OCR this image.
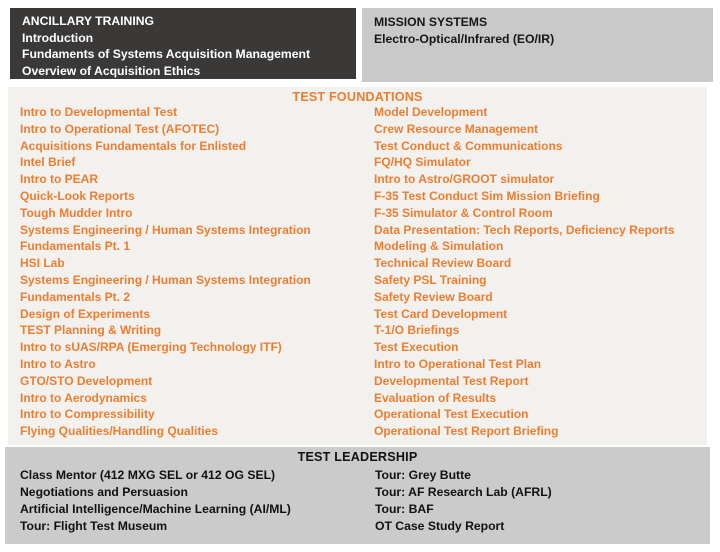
ANCILLARY TRAINING
Introduction
Fundaments of Systems Acquisition Management
Overview of Acquisition Ethics
MISSION SYSTEMS
Electro-Optical/Infrared (EO/IR)
TEST FOUNDATIONS
Intro to Developmental Test
Intro to Operational Test (AFOTEC)
Acquisitions Fundamentals for Enlisted
Intel Brief
Intro to PEAR
Quick-Look Reports
Tough Mudder Intro
Systems Engineering / Human Systems Integration
Fundamentals Pt. 1
HSI Lab
Systems Engineering / Human Systems Integration
Fundamentals Pt. 2
Design of Experiments
TEST Planning & Writing
Intro to sUAS/RPA (Emerging Technology ITF)
Intro to Astro
GTO/STO Development
Intro to Aerodynamics
Intro to Compressibility
Flying Qualities/Handling Qualities
Model Development
Crew Resource Management
Test Conduct & Communications
FQ/HQ Simulator
Intro to Astro/GROOT simulator
F-35 Test Conduct Sim Mission Briefing
F-35 Simulator & Control Room
Data Presentation: Tech Reports, Deficiency Reports
Modeling & Simulation
Technical Review Board
Safety PSL Training
Safety Review Board
Test Card Development
T-1/O Briefings
Test Execution
Intro to Operational Test Plan
Developmental Test Report
Evaluation of Results
Operational Test Execution
Operational Test Report Briefing
TEST LEADERSHIP
Class Mentor (412 MXG SEL or 412 OG SEL)
Negotiations and Persuasion
Artificial Intelligence/Machine Learning (AI/ML)
Tour: Flight Test Museum
Tour: Grey Butte
Tour: AF Research Lab (AFRL)
Tour: BAF
OT Case Study Report
